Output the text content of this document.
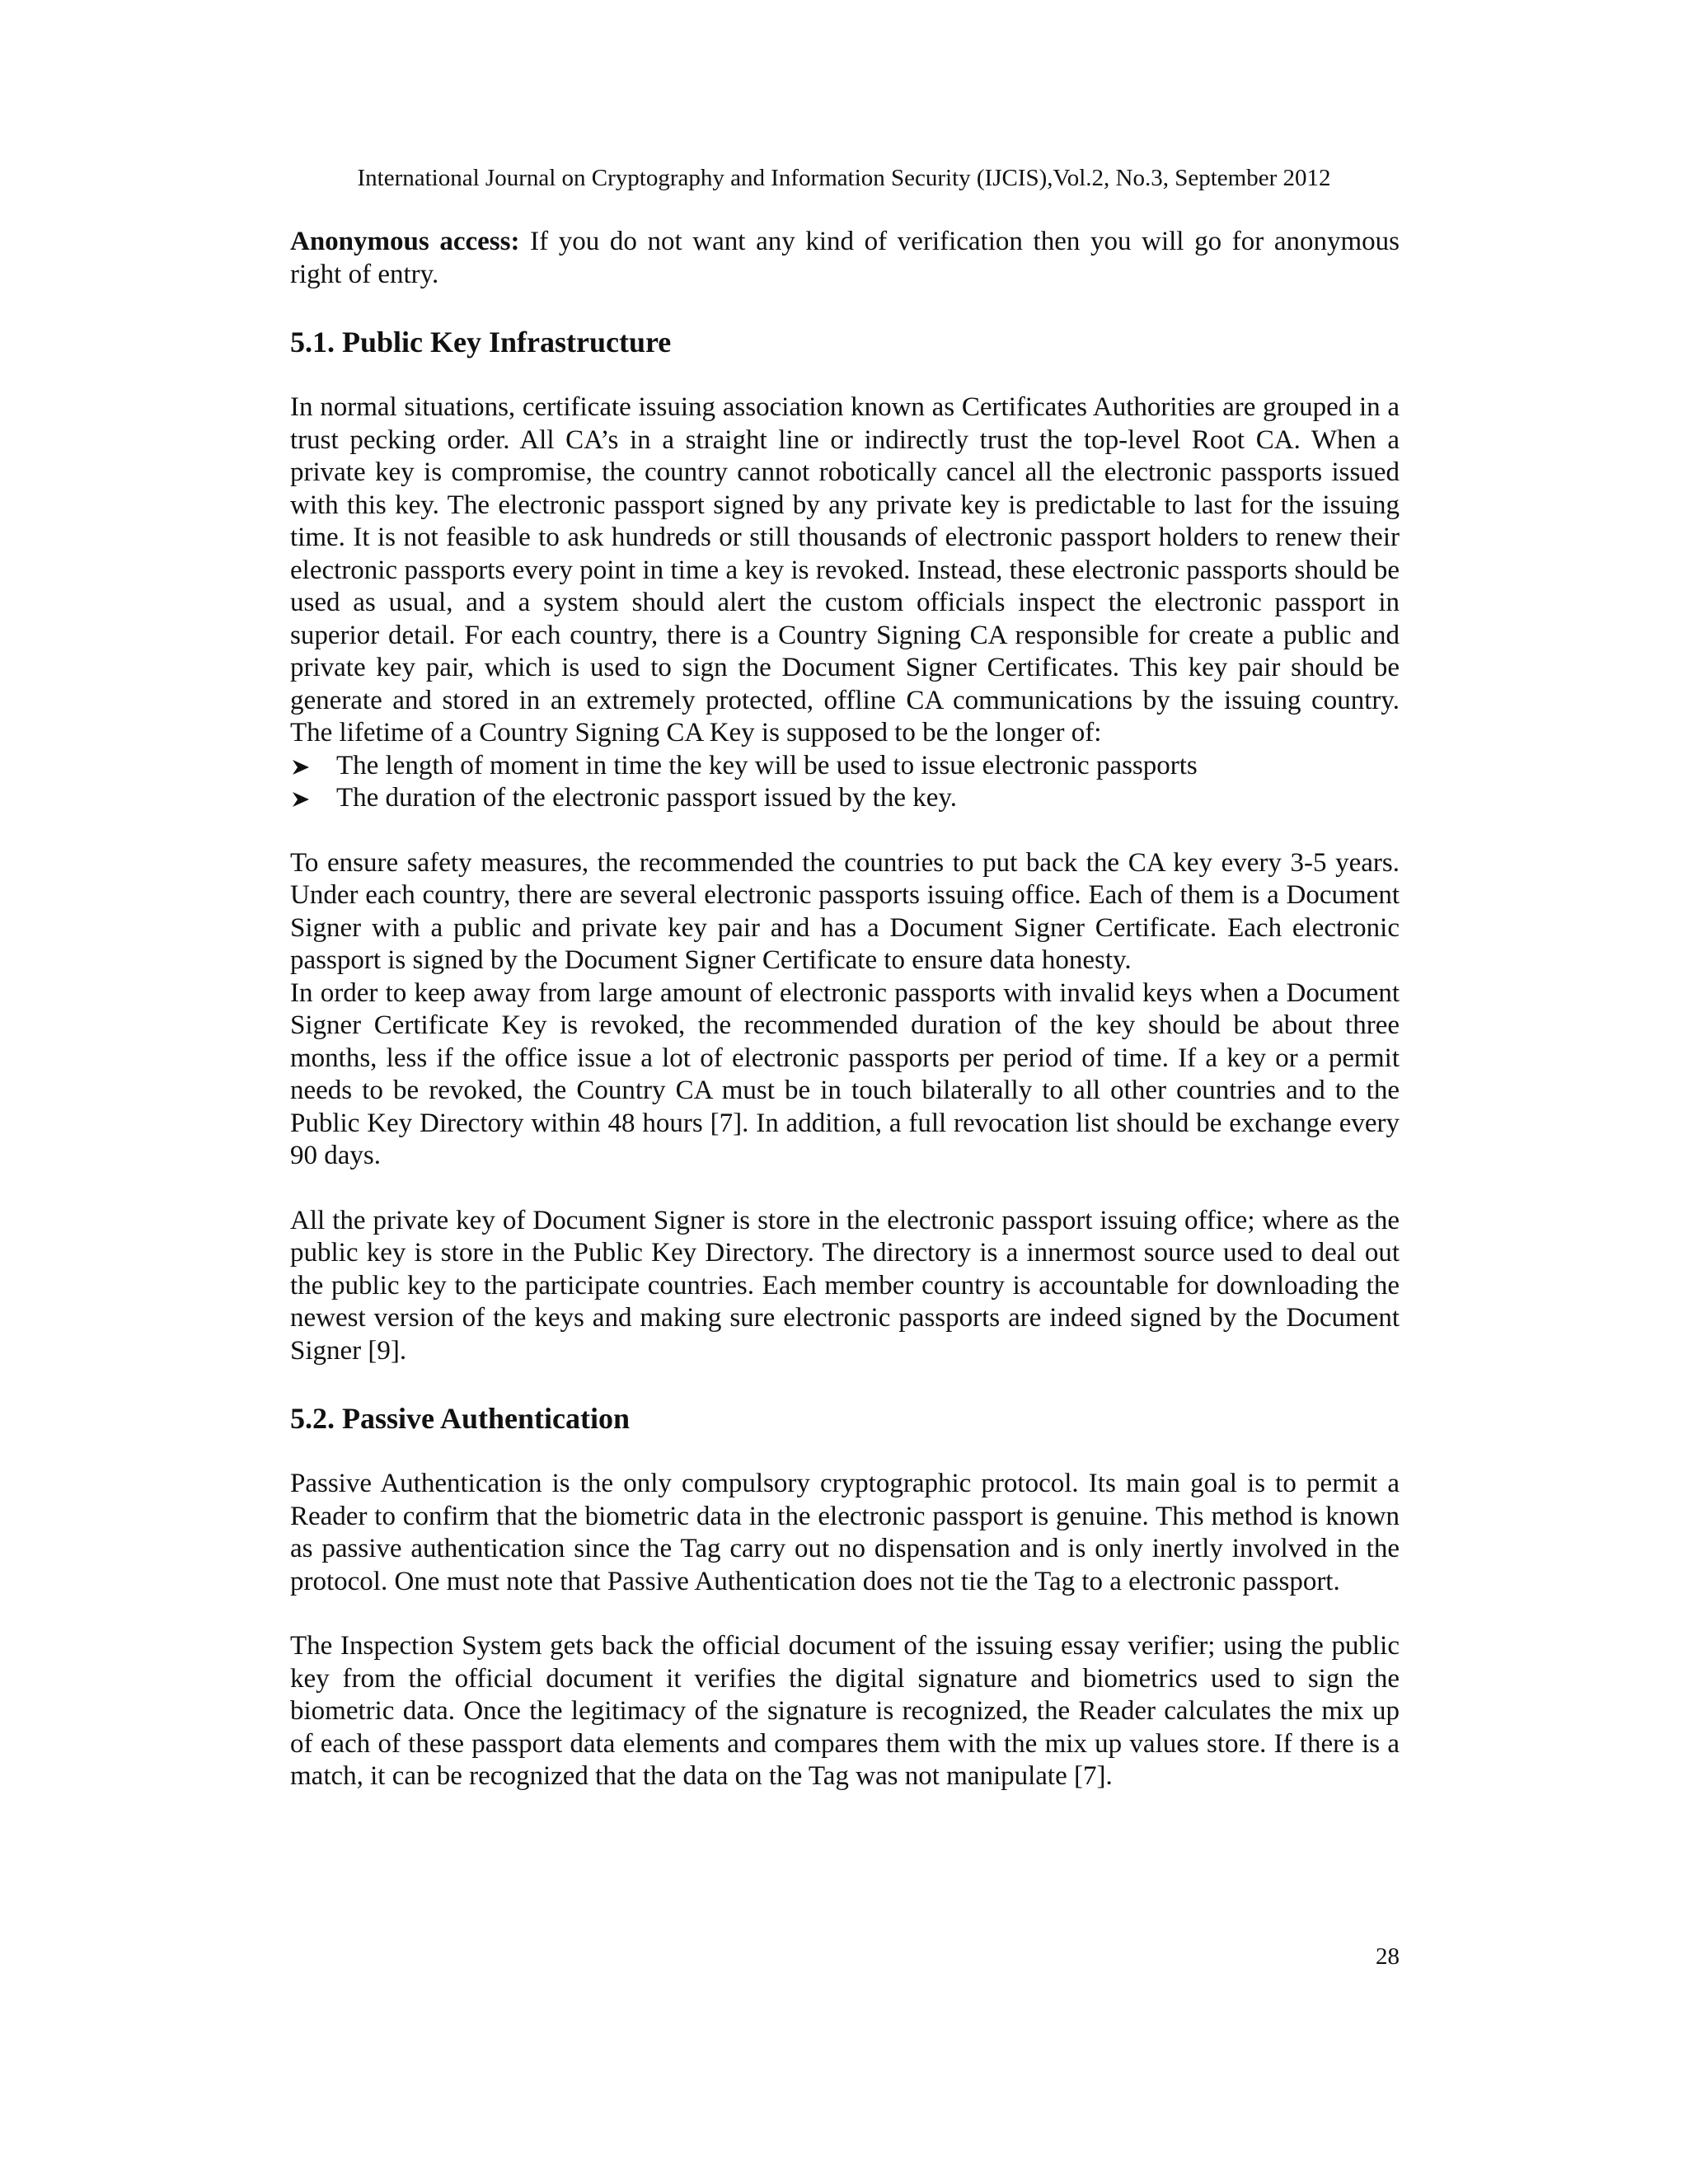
International Journal on Cryptography and Information Security (IJCIS),Vol.2, No.3, September 2012

Anonymous access: If you do not want any kind of verification then you will go for anonymous right of entry.

5.1. Public Key Infrastructure

In normal situations, certificate issuing association known as Certificates Authorities are grouped in a trust pecking order. All CA’s in a straight line or indirectly trust the top-level Root CA. When a private key is compromise, the country cannot robotically cancel all the electronic passports issued with this key. The electronic passport signed by any private key is predictable to last for the issuing time. It is not feasible to ask hundreds or still thousands of electronic passport holders to renew their electronic passports every point in time a key is revoked. Instead, these electronic passports should be used as usual, and a system should alert the custom officials inspect the electronic passport in superior detail. For each country, there is a Country Signing CA responsible for create a public and private key pair, which is used to sign the Document Signer Certificates. This key pair should be generate and stored in an extremely protected, offline CA communications by the issuing country. The lifetime of a Country Signing CA Key is supposed to be the longer of:

The length of moment in time the key will be used to issue electronic passports
The duration of the electronic passport issued by the key.

To ensure safety measures, the recommended the countries to put back the CA key every 3-5 years. Under each country, there are several electronic passports issuing office. Each of them is a Document Signer with a public and private key pair and has a Document Signer Certificate. Each electronic passport is signed by the Document Signer Certificate to ensure data honesty.

In order to keep away from large amount of electronic passports with invalid keys when a Document Signer Certificate Key is revoked, the recommended duration of the key should be about three months, less if the office issue a lot of electronic passports per period of time. If a key or a permit needs to be revoked, the Country CA must be in touch bilaterally to all other countries and to the Public Key Directory within 48 hours [7]. In addition, a full revocation list should be exchange every 90 days.

All the private key of Document Signer is store in the electronic passport issuing office; where as the public key is store in the Public Key Directory. The directory is a innermost source used to deal out the public key to the participate countries. Each member country is accountable for downloading the newest version of the keys and making sure electronic passports are indeed signed by the Document Signer [9].

5.2. Passive Authentication

Passive Authentication is the only compulsory cryptographic protocol. Its main goal is to permit a Reader to confirm that the biometric data in the electronic passport is genuine. This method is known as passive authentication since the Tag carry out no dispensation and is only inertly involved in the protocol. One must note that Passive Authentication does not tie the Tag to a electronic passport.

The Inspection System gets back the official document of the issuing essay verifier; using the public key from the official document it verifies the digital signature and biometrics used to sign the biometric data. Once the legitimacy of the signature is recognized, the Reader calculates the mix up of each of these passport data elements and compares them with the mix up values store. If there is a match, it can be recognized that the data on the Tag was not manipulate [7].

28
